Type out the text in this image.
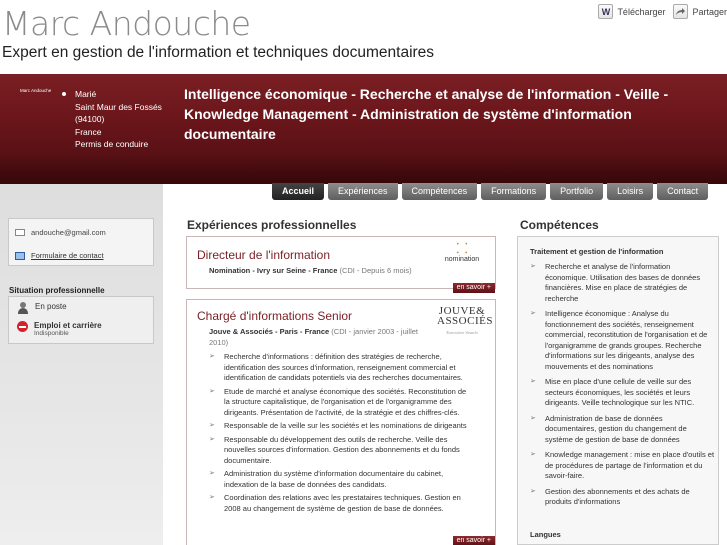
Marc Andouche
Expert en gestion de l'information et techniques documentaires
W Télécharger	Partager
Marc Andouche	Marié
Saint Maur des Fossés
(94100)
France
Permis de conduire
Intelligence économique - Recherche et analyse de l'information - Veille - Knowledge Management - Administration de système d'information documentaire
Accueil	Expériences	Compétences	Formations	Portfolio	Loisirs	Contact
andouche@gmail.com
Formulaire de contact
Situation professionnelle
En poste
Emploi et carrière
Indisponible
Expériences professionnelles
Directeur de l'information
Nomination - Ivry sur Seine - France (CDI - Depuis 6 mois)
⸬
nomination
en savoir +
Chargé d'informations Senior
Jouve & Associés - Paris - France (CDI - janvier 2003 - juillet 2010)
JOUVE&
ASSOCIÉS
Executive Search
➢ Recherche d'informations : définition des stratégies de recherche, identification des sources d'information, renseignement commercial et identification de candidats potentiels via des recherches documentaires.
➢ Etude de marché et analyse économique des sociétés. Reconstitution de la structure capitalistique, de l'organisation et de l'organigramme des dirigeants. Présentation de l'activité, de la stratégie et des chiffres-clés.
➢ Responsable de la veille sur les sociétés et les nominations de dirigeants
➢ Responsable du développement des outils de recherche. Veille des nouvelles sources d'information. Gestion des abonnements et du fonds documentaire.
➢ Administration du système d'information documentaire du cabinet, indexation de la base de données des candidats.
➢ Coordination des relations avec les prestataires techniques. Gestion en 2008 au changement de système de gestion de base de données.
en savoir +
Compétences
Traitement et gestion de l'information
➢ Recherche et analyse de l'information économique. Utilisation des bases de données financières. Mise en place de stratégies de recherche
➢ Intelligence économique : Analyse du fonctionnement des sociétés, renseignement commercial, reconstitution de l'organisation et de l'organigramme de grands groupes. Recherche d'informations sur les dirigeants, analyse des mouvements et des nominations
➢ Mise en place d'une cellule de veille sur des secteurs économiques, les sociétés et leurs dirigeants. Veille technologique sur les NTIC.
➢ Administration de base de données documentaires, gestion du changement de système de gestion de base de données
➢ Knowledge management : mise en place d'outils et de procédures de partage de l'information et du savoir-faire.
➢ Gestion des abonnements et des achats de produits d'informations
Langues
